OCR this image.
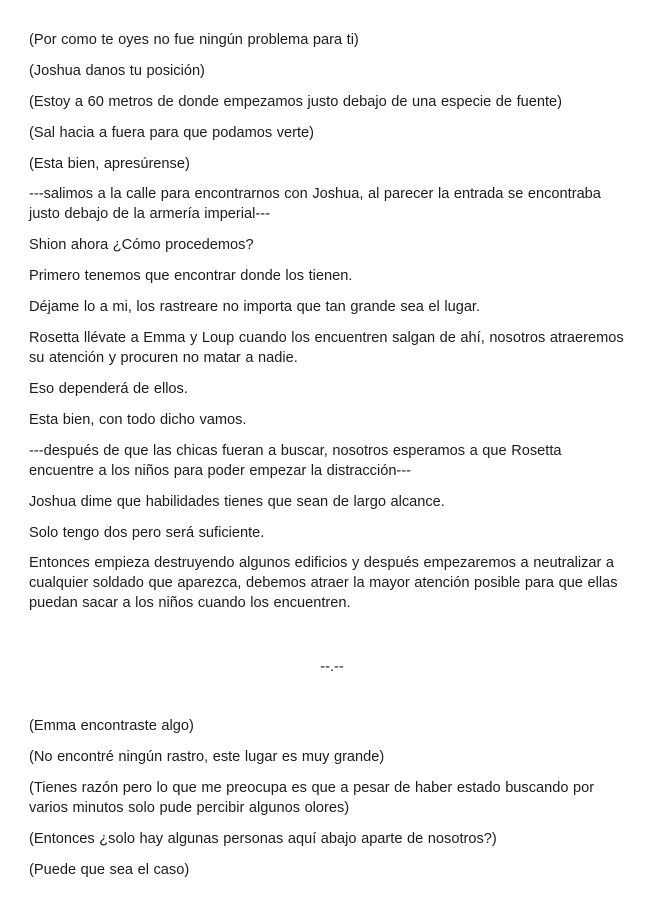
(Por como te oyes no fue ningún problema para ti)

(Joshua danos tu posición)

(Estoy a 60 metros de donde empezamos justo debajo de una especie de fuente)

(Sal hacia a fuera para que podamos verte)

(Esta bien, apresúrense)

---salimos a la calle para encontrarnos con Joshua, al parecer la entrada se encontraba justo debajo de la armería imperial---

Shion ahora ¿Cómo procedemos?

Primero tenemos que encontrar donde los tienen.

Déjame lo a mi, los rastreare no importa que tan grande sea el lugar.

Rosetta llévate a Emma y Loup cuando los encuentren salgan de ahí, nosotros atraeremos su atención y procuren no matar a nadie.

Eso dependerá de ellos.

Esta bien, con todo dicho vamos.

---después de que las chicas fueran a buscar, nosotros esperamos a que Rosetta encuentre a los niños para poder empezar la distracción---

Joshua dime que habilidades tienes que sean de largo alcance.

Solo tengo dos pero será suficiente.

Entonces empieza destruyendo algunos edificios y después empezaremos a neutralizar a cualquier soldado que aparezca, debemos atraer la mayor atención posible para que ellas puedan sacar a los niños cuando los encuentren.

--.--

(Emma encontraste algo)

(No encontré ningún rastro, este lugar es muy grande)

(Tienes razón pero lo que me preocupa es que a pesar de haber estado buscando por varios minutos solo pude percibir algunos olores)

(Entonces ¿solo hay algunas personas aquí abajo aparte de nosotros?)

(Puede que sea el caso)
